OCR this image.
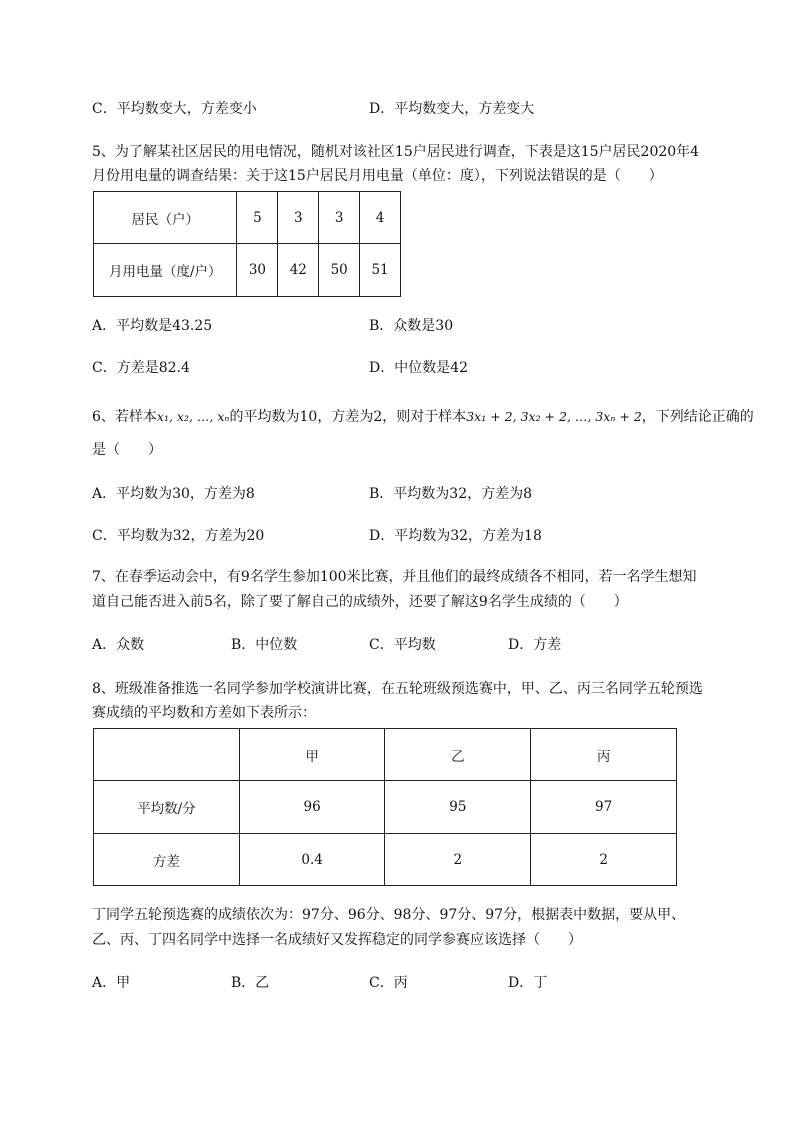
C．平均数变大，方差变小	D．平均数变大，方差变大
5、为了解某社区居民的用电情况，随机对该社区15户居民进行调查，下表是这15户居民2020年4
月份用电量的调查结果：关于这15户居民月用电量（单位：度），下列说法错误的是（　　）
居民（户）	5	3	3	4
月用电量（度/户）	30	42	50	51
A．平均数是43.25	B．众数是30
C．方差是82.4	D．中位数是42
6、若样本x₁, x₂, …, xₙ的平均数为10，方差为2，则对于样本3x₁ + 2, 3x₂ + 2, …, 3xₙ + 2，下列结论正确的
是（　　）
A．平均数为30，方差为8	B．平均数为32，方差为8
C．平均数为32，方差为20	D．平均数为32，方差为18
7、在春季运动会中，有9名学生参加100米比赛，并且他们的最终成绩各不相同，若一名学生想知
道自己能否进入前5名，除了要了解自己的成绩外，还要了解这9名学生成绩的（　　）
A．众数	B．中位数	C．平均数	D．方差
8、班级准备推选一名同学参加学校演讲比赛，在五轮班级预选赛中，甲、乙、丙三名同学五轮预选
赛成绩的平均数和方差如下表所示：
	甲	乙	丙
平均数/分	96	95	97
方差	0.4	2	2
丁同学五轮预选赛的成绩依次为：97分、96分、98分、97分、97分，根据表中数据，要从甲、
乙、丙、丁四名同学中选择一名成绩好又发挥稳定的同学参赛应该选择（　　）
A．甲	B．乙	C．丙	D．丁
